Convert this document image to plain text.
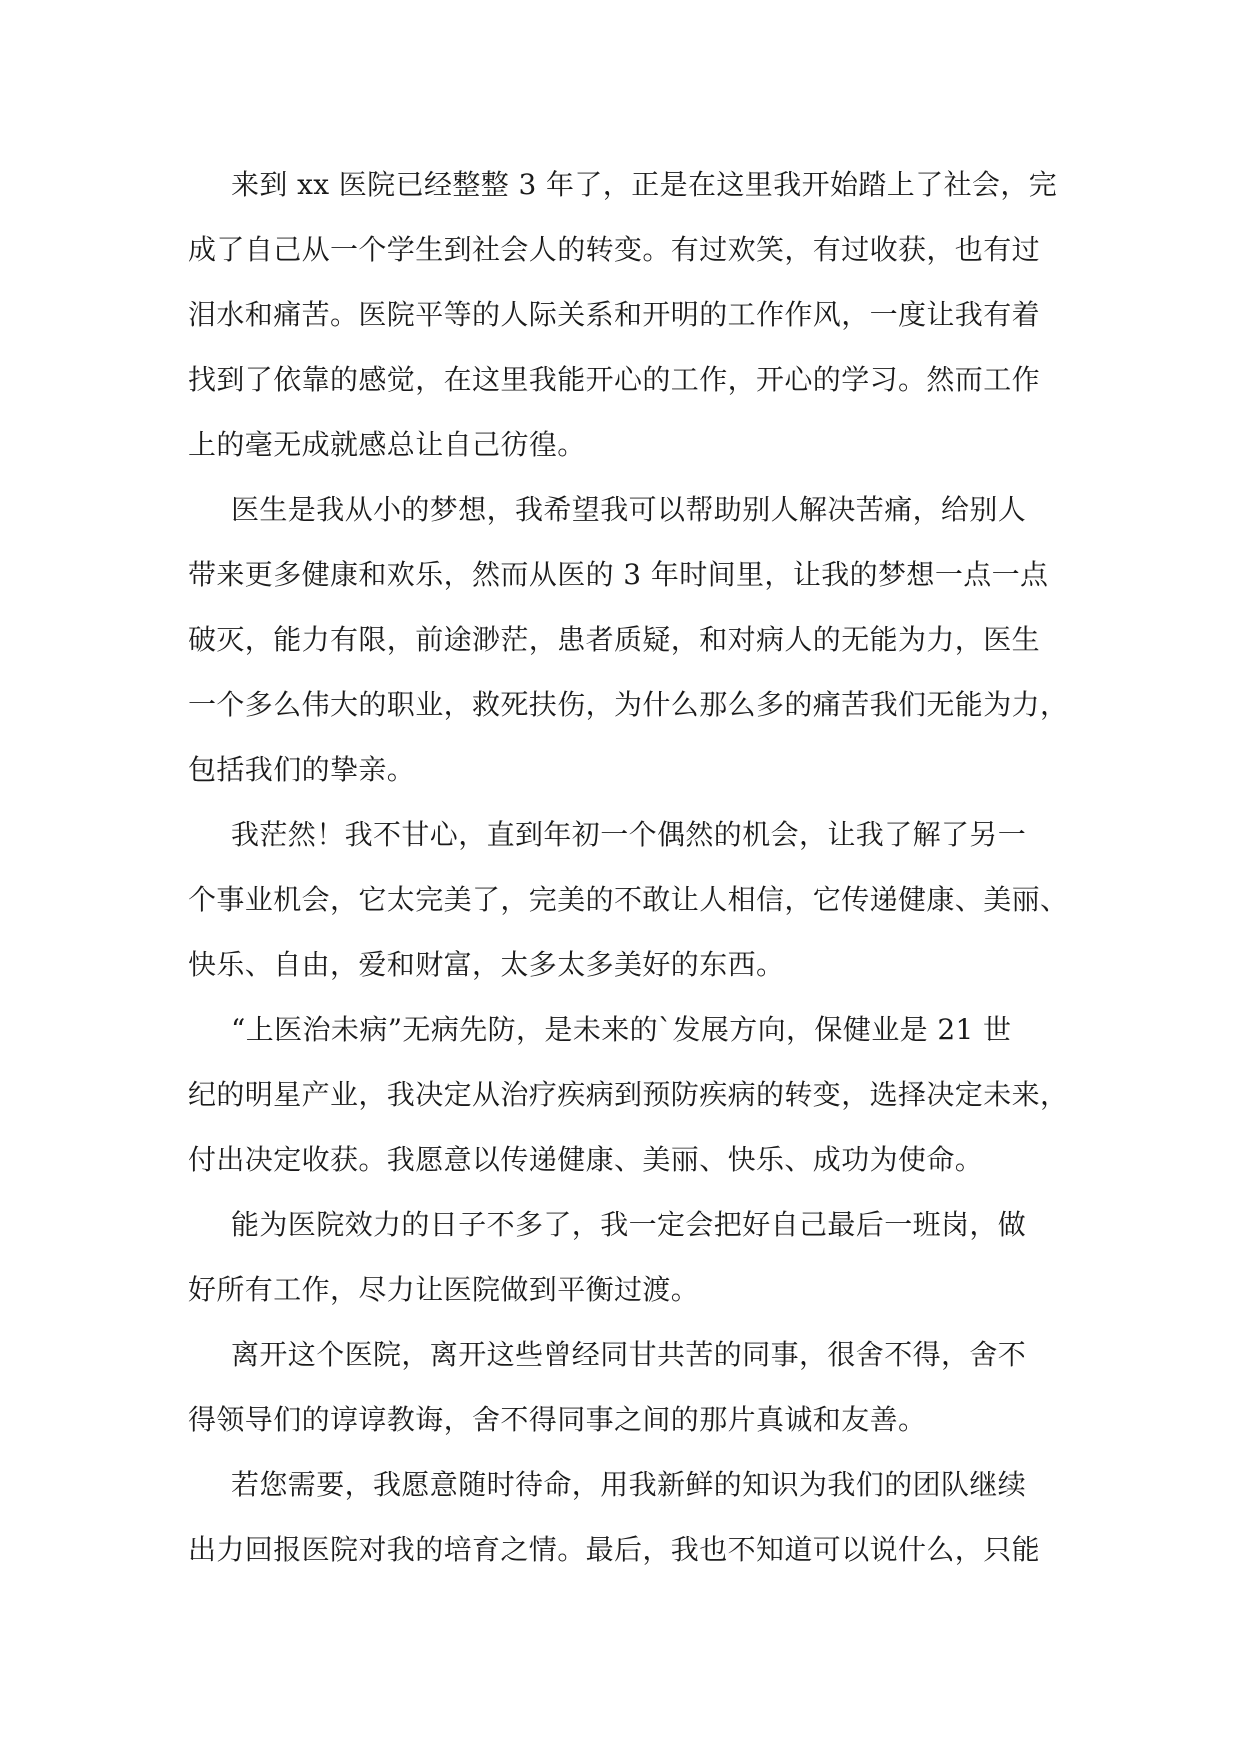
来到 xx 医院已经整整 3 年了，正是在这里我开始踏上了社会，完
成了自己从一个学生到社会人的转变。有过欢笑，有过收获，也有过
泪水和痛苦。医院平等的人际关系和开明的工作作风，一度让我有着
找到了依靠的感觉，在这里我能开心的工作，开心的学习。然而工作
上的毫无成就感总让自己彷徨。

医生是我从小的梦想，我希望我可以帮助别人解决苦痛，给别人
带来更多健康和欢乐，然而从医的 3 年时间里，让我的梦想一点一点
破灭，能力有限，前途渺茫，患者质疑，和对病人的无能为力，医生
一个多么伟大的职业，救死扶伤，为什么那么多的痛苦我们无能为力，
包括我们的挚亲。

我茫然！我不甘心，直到年初一个偶然的机会，让我了解了另一
个事业机会，它太完美了，完美的不敢让人相信，它传递健康、美丽、
快乐、自由，爱和财富，太多太多美好的东西。

“上医治未病”无病先防，是未来的`发展方向，保健业是 21 世
纪的明星产业，我决定从治疗疾病到预防疾病的转变，选择决定未来，
付出决定收获。我愿意以传递健康、美丽、快乐、成功为使命。

能为医院效力的日子不多了，我一定会把好自己最后一班岗，做
好所有工作，尽力让医院做到平衡过渡。

离开这个医院，离开这些曾经同甘共苦的同事，很舍不得，舍不
得领导们的谆谆教诲，舍不得同事之间的那片真诚和友善。

若您需要，我愿意随时待命，用我新鲜的知识为我们的团队继续
出力回报医院对我的培育之情。最后，我也不知道可以说什么，只能
